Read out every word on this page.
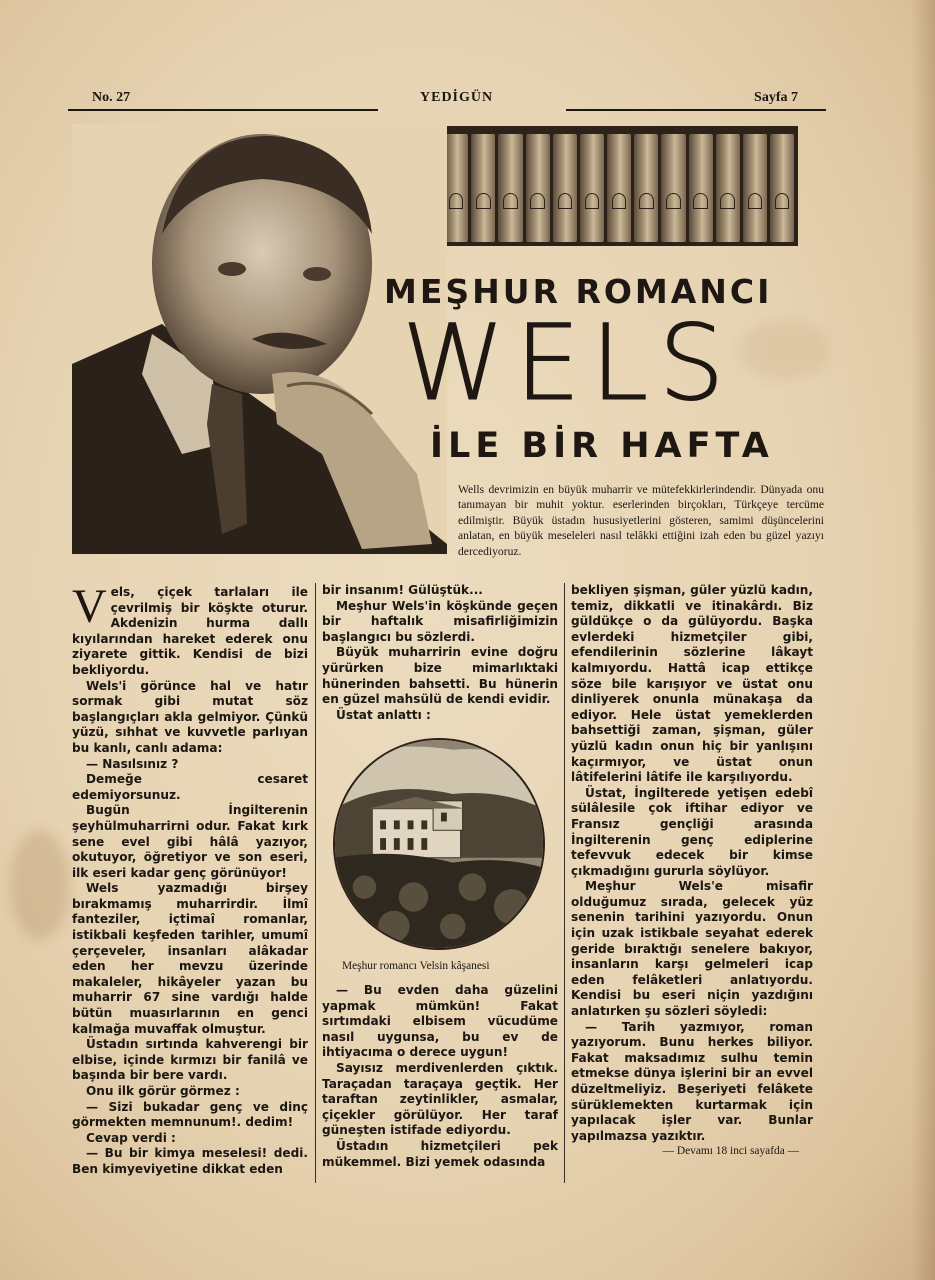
No. 27	YEDİGÜN	Sayfa 7
MEŞHUR ROMANCI
WELS
İLE BİR HAFTA
Wells devrimizin en büyük muharrir ve mütefekkirlerindendir. Dünyada onu tanımayan bir muhit yoktur. eserlerinden birçokları, Türkçeye tercüme edilmiştir. Büyük üstadın hususiyetlerini gösteren, samimi düşüncelerini anlatan, en büyük meseleleri nasıl telâkki ettiğini izah eden bu güzel yazıyı dercediyoruz.

Vels, çiçek tarlaları ile çevrilmiş bir köşkte oturur. Akdenizin hurma dallı kıyılarından hareket ederek onu ziyarete gittik. Kendisi de bizi bekliyordu.

Wels'i görünce hal ve hatır sormak gibi mutat söz başlangıçları akla gelmiyor. Çünkü yüzü, sıhhat ve kuvvetle parlıyan bu kanlı, canlı adama:

— Nasılsınız ?

Demeğe cesaret edemiyorsunuz.

Bugün İngilterenin şeyhülmuharrirni odur. Fakat kırk sene evel gibi hâlâ yazıyor, okutuyor, öğretiyor ve son eseri, ilk eseri kadar genç görünüyor!

Wels yazmadığı birşey bırakmamış muharrirdir. İlmî fanteziler, içtimaî romanlar, istikbali keşfeden tarihler, umumî çerçeveler, insanları alâkadar eden her mevzu üzerinde makaleler, hikâyeler yazan bu muharrir 67 sine vardığı halde bütün muasırlarının en genci kalmağa muvaffak olmuştur.

Üstadın sırtında kahverengi bir elbise, içinde kırmızı bir fanilâ ve başında bir bere vardı.

Onu ilk görür görmez :

— Sizi bukadar genç ve dinç görmekten memnunum!. dedim!

Cevap verdi :

— Bu bir kimya meselesi! dedi. Ben kimyeviyetine dikkat eden

bir insanım! Gülüştük...

Meşhur Wels'in köşkünde geçen bir haftalık misafirliğimizin başlangıcı bu sözlerdi.

Büyük muharririn evine doğru yürürken bize mimarlıktaki hünerinden bahsetti. Bu hünerin en güzel mahsülü de kendi evidir.

Üstat anlattı :

Meşhur romancı Velsin kâşanesi

— Bu evden daha güzelini yapmak mümkün! Fakat sırtımdaki elbisem vücudüme nasıl uygunsa, bu ev de ihtiyacıma o derece uygun!

Sayısız merdivenlerden çıktık. Taraçadan taraçaya geçtik. Her taraftan zeytinlikler, asmalar, çiçekler görülüyor. Her taraf güneşten istifade ediyordu.

Üstadın hizmetçileri pek mükemmel. Bizi yemek odasında

bekliyen şişman, güler yüzlü kadın, temiz, dikkatli ve itinakârdı. Biz güldükçe o da gülüyordu. Başka evlerdeki hizmetçiler gibi, efendilerinin sözlerine lâkayt kalmıyordu. Hattâ icap ettikçe söze bile karışıyor ve üstat onu dinliyerek onunla münakaşa da ediyor. Hele üstat yemeklerden bahsettiği zaman, şişman, güler yüzlü kadın onun hiç bir yanlışını kaçırmıyor, ve üstat onun lâtifelerini lâtife ile karşılıyordu.

Üstat, İngilterede yetişen edebî sülâlesile çok iftihar ediyor ve Fransız gençliği arasında İngilterenin genç ediplerine tefevvuk edecek bir kimse çıkmadığını gururla söylüyor.

Meşhur Wels'e misafir olduğumuz sırada, gelecek yüz senenin tarihini yazıyordu. Onun için uzak istikbale seyahat ederek geride bıraktığı senelere bakıyor, insanların karşı gelmeleri icap eden felâketleri anlatıyordu. Kendisi bu eseri niçin yazdığını anlatırken şu sözleri söyledi:

— Tarih yazmıyor, roman yazıyorum. Bunu herkes biliyor. Fakat maksadımız sulhu temin etmekse dünya işlerini bir an evvel düzeltmeliyiz. Beşeriyeti felâkete sürüklemekten kurtarmak için yapılacak işler var. Bunlar yapılmazsa yazıktır.

— Devamı 18 inci sayafda —
